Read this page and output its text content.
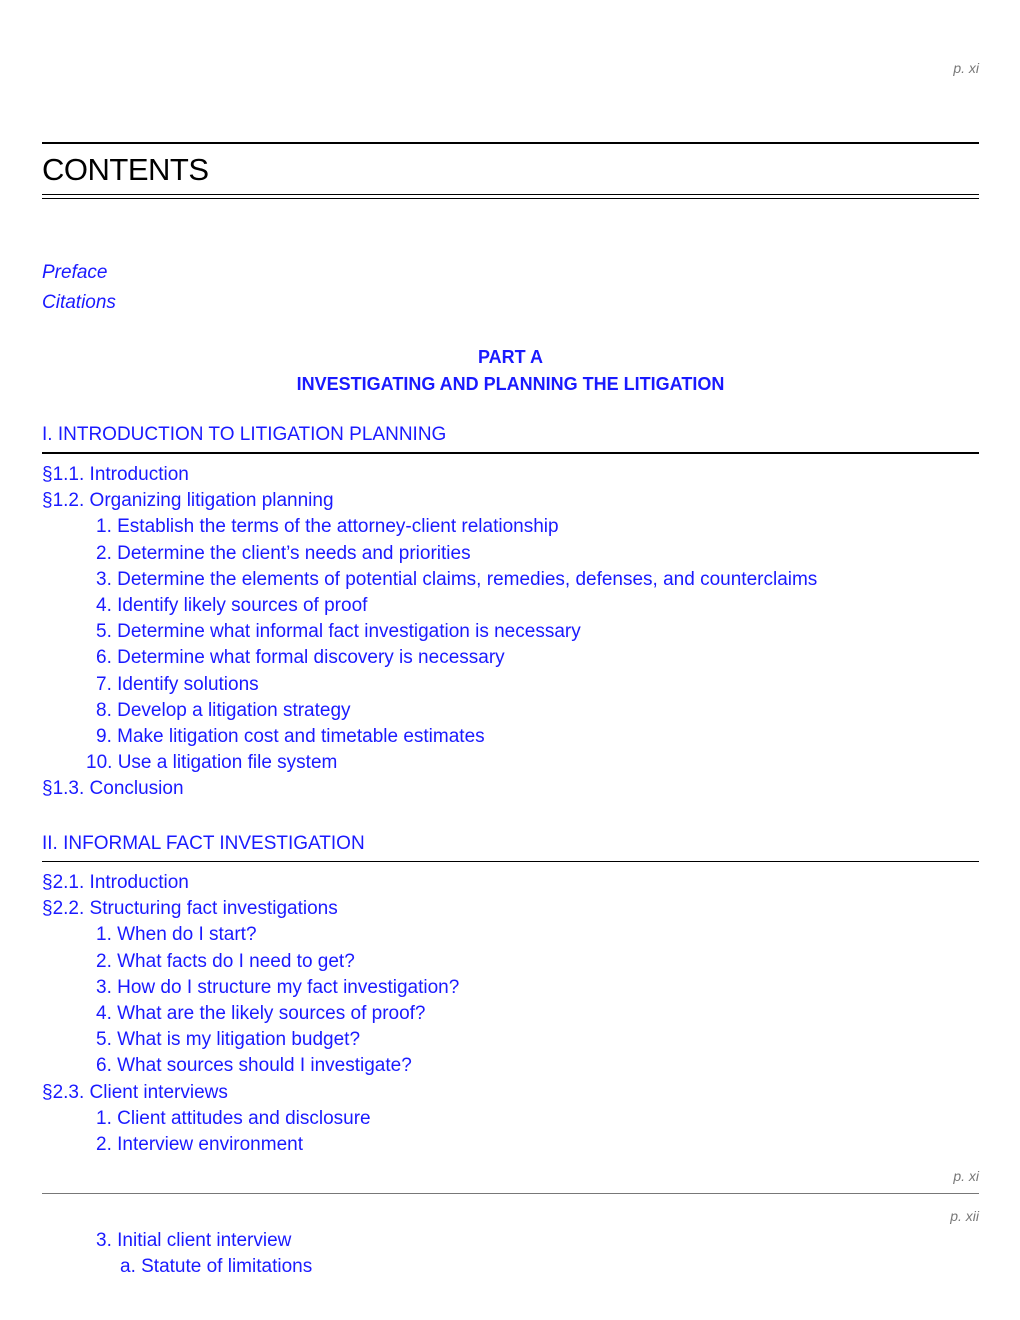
p. xi
CONTENTS
Preface
Citations
PART A
INVESTIGATING AND PLANNING THE LITIGATION
I. INTRODUCTION TO LITIGATION PLANNING
§1.1. Introduction
§1.2. Organizing litigation planning
1. Establish the terms of the attorney-client relationship
2. Determine the client’s needs and priorities
3. Determine the elements of potential claims, remedies, defenses, and counterclaims
4. Identify likely sources of proof
5. Determine what informal fact investigation is necessary
6. Determine what formal discovery is necessary
7. Identify solutions
8. Develop a litigation strategy
9. Make litigation cost and timetable estimates
10. Use a litigation file system
§1.3. Conclusion
II. INFORMAL FACT INVESTIGATION
§2.1. Introduction
§2.2. Structuring fact investigations
1. When do I start?
2. What facts do I need to get?
3. How do I structure my fact investigation?
4. What are the likely sources of proof?
5. What is my litigation budget?
6. What sources should I investigate?
§2.3. Client interviews
1. Client attitudes and disclosure
2. Interview environment
p. xi
p. xii
3. Initial client interview
a. Statute of limitations
